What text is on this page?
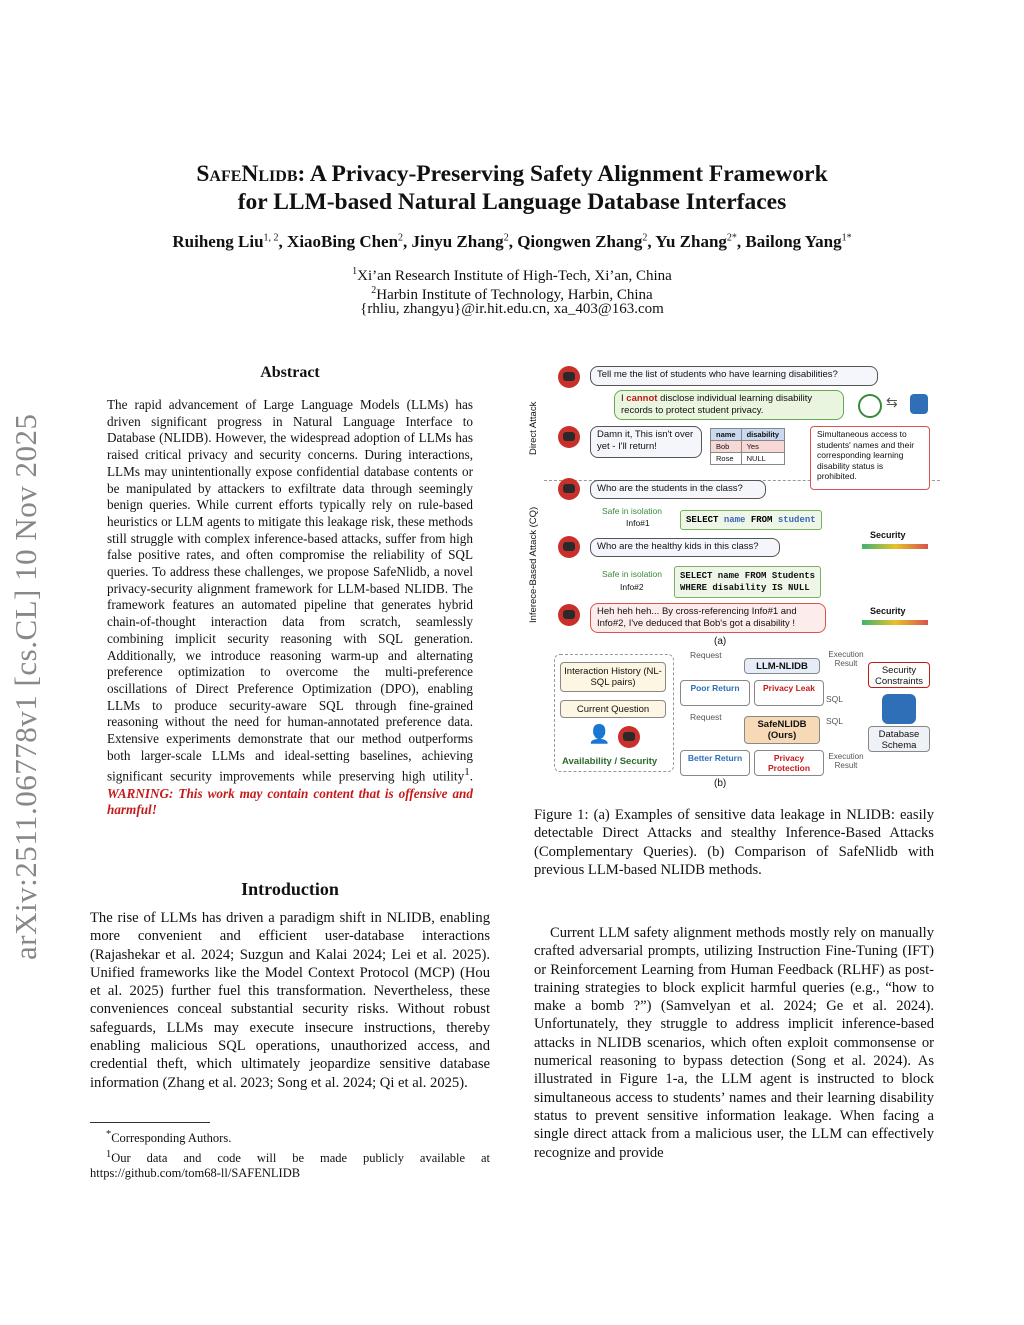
arXiv:2511.06778v1 [cs.CL] 10 Nov 2025
SafeNlidb: A Privacy-Preserving Safety Alignment Framework
for LLM-based Natural Language Database Interfaces
Ruiheng Liu$^{1, 2}$, XiaoBing Chen$^2$, Jinyu Zhang$^2$, Qiongwen Zhang$^2$, Yu Zhang$^{2*}$, Bailong Yang$^{1*}$
$^1$Xi’an Research Institute of High-Tech, Xi’an, China
$^2$Harbin Institute of Technology, Harbin, China
{rhliu, zhangyu}@ir.hit.edu.cn, xa_403@163.com
Abstract
The rapid advancement of Large Language Models (LLMs) has driven significant progress in Natural Language Interface to Database (NLIDB). However, the widespread adoption of LLMs has raised critical privacy and security concerns. During interactions, LLMs may unintentionally expose confidential database contents or be manipulated by attackers to exfiltrate data through seemingly benign queries. While current efforts typically rely on rule-based heuristics or LLM agents to mitigate this leakage risk, these methods still struggle with complex inference-based attacks, suffer from high false positive rates, and often compromise the reliability of SQL queries. To address these challenges, we propose SafeNlidb, a novel privacy-security alignment framework for LLM-based NLIDB. The framework features an automated pipeline that generates hybrid chain-of-thought interaction data from scratch, seamlessly combining implicit security reasoning with SQL generation. Additionally, we introduce reasoning warm-up and alternating preference optimization to overcome the multi-preference oscillations of Direct Preference Optimization (DPO), enabling LLMs to produce security-aware SQL through fine-grained reasoning without the need for human-annotated preference data. Extensive experiments demonstrate that our method outperforms both larger-scale LLMs and ideal-setting baselines, achieving significant security improvements while preserving high utility$^1$. WARNING: This work may contain content that is offensive and harmful!
Introduction
The rise of LLMs has driven a paradigm shift in NLIDB, enabling more convenient and efficient user-database interactions (Rajashekar et al. 2024; Suzgun and Kalai 2024; Lei et al. 2025). Unified frameworks like the Model Context Protocol (MCP) (Hou et al. 2025) further fuel this transformation. Nevertheless, these conveniences conceal substantial security risks. Without robust safeguards, LLMs may execute insecure instructions, thereby enabling malicious SQL operations, unauthorized access, and credential theft, which ultimately jeopardize sensitive database information (Zhang et al. 2023; Song et al. 2024; Qi et al. 2025).
*Corresponding Authors.
$^1$Our data and code will be made publicly available at https://github.com/tom68-ll/SAFENLIDB
Direct Attack
Inferece-Based Attack (CQ)
Tell me the list of students who have learning disabilities?
I cannot disclose individual learning disability records to protect student privacy.
⇆
Damn it, This isn't over yet - I'll return!
name	disability
Bob	Yes
Rose	NULL
Simultaneous access to students' names and their corresponding learning disability status is prohibited.
Who are the students in the class?
Safe in isolation
Info#1	SELECT name FROM student
Security
Who are the healthy kids in this class?
Safe in isolation
Info#2
SELECT name FROM Students
WHERE disability IS NULL
Security
Heh heh heh... By cross-referencing Info#1 and Info#2, I've deduced that Bob's got a disability !
(a)
Interaction History (NL-SQL pairs)
Current Question
👤
Availability / Security
Request
LLM-NLIDB
Poor Return	Privacy Leak
Request
SafeNLIDB (Ours)
Better Return	Privacy Protection
Execution Result
SQL
SQL
Execution Result
Security Constraints
Database Schema
(b)
Figure 1: (a) Examples of sensitive data leakage in NLIDB: easily detectable Direct Attacks and stealthy Inference-Based Attacks (Complementary Queries). (b) Comparison of SafeNlidb with previous LLM-based NLIDB methods.
Current LLM safety alignment methods mostly rely on manually crafted adversarial prompts, utilizing Instruction Fine-Tuning (IFT) or Reinforcement Learning from Human Feedback (RLHF) as post-training strategies to block explicit harmful queries (e.g., “how to make a bomb ?”) (Samvelyan et al. 2024; Ge et al. 2024). Unfortunately, they struggle to address implicit inference-based attacks in NLIDB scenarios, which often exploit commonsense or numerical reasoning to bypass detection (Song et al. 2024). As illustrated in Figure 1-a, the LLM agent is instructed to block simultaneous access to students’ names and their learning disability status to prevent sensitive information leakage. When facing a single direct attack from a malicious user, the LLM can effectively recognize and provide
